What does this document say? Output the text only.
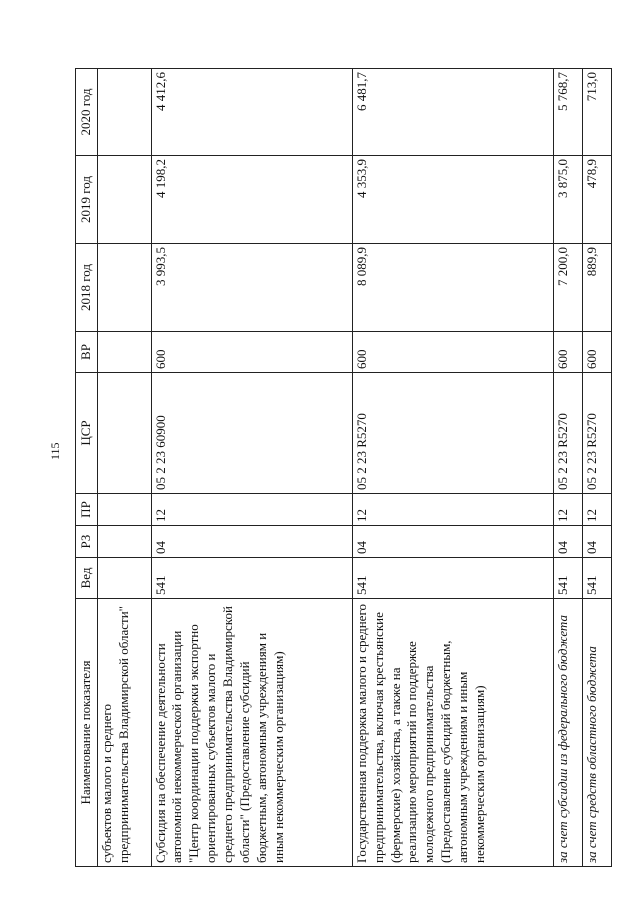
115
Наименование показателя	Вед	РЗ	ПР	ЦСР	ВР	2018 год	2019 год	2020 год
субъектов малого и среднего предпринимательства Владимирской области"								
Субсидия на обеспечение деятельности автономной некоммерческой организации "Центр координации поддержки экспортно ориентированных субъектов малого и среднего предпринимательства Владимирской области" (Предоставление субсидий бюджетным, автономным учреждениям и иным некоммерческим организациям)	541	04	12	05 2 23 60900	600	3 993,5	4 198,2	4 412,6
Государственная поддержка малого и среднего предпринимательства, включая крестьянские (фермерские) хозяйства, а также на реализацию мероприятий по поддержке молодежного предпринимательства (Предоставление субсидий бюджетным, автономным учреждениям и иным некоммерческим организациям)	541	04	12	05 2 23 R5270	600	8 089,9	4 353,9	6 481,7
за счет субсидии из федерального бюджета	541	04	12	05 2 23 R5270	600	7 200,0	3 875,0	5 768,7
за счет средств областного бюджета	541	04	12	05 2 23 R5270	600	889,9	478,9	713,0
